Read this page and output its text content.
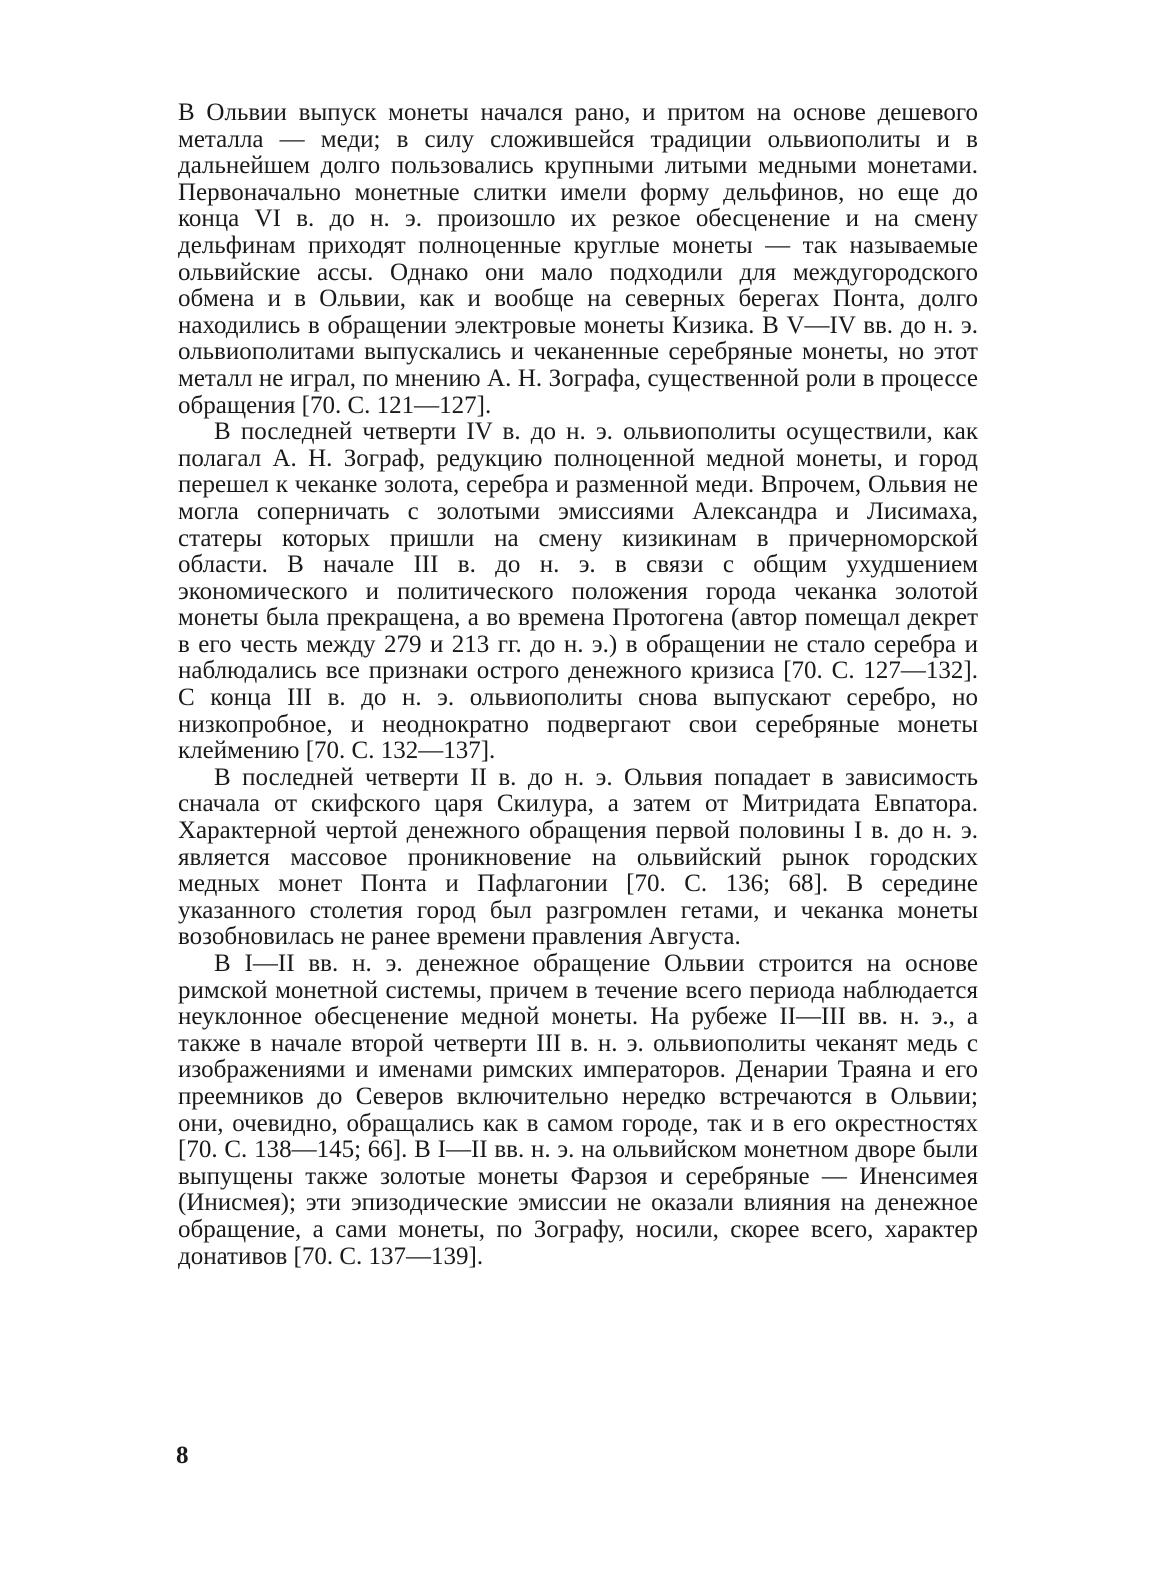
В Ольвии выпуск монеты начался рано, и притом на основе дешевого металла — меди; в силу сложившейся традиции ольвиополиты и в дальнейшем долго пользовались крупными литыми медными монетами. Первоначально монетные слитки имели форму дельфинов, но еще до конца VI в. до н. э. произошло их резкое обесценение и на смену дельфинам приходят полноценные круглые монеты — так называемые ольвийские ассы. Однако они мало подходили для междугородского обмена и в Ольвии, как и вообще на северных берегах Понта, долго находились в обращении электровые монеты Кизика. В V—IV вв. до н. э. ольвиополитами выпускались и чеканенные серебряные монеты, но этот металл не играл, по мнению А. Н. Зографа, существенной роли в процессе обращения [70. С. 121—127].

В последней четверти IV в. до н. э. ольвиополиты осуществили, как полагал А. Н. Зограф, редукцию полноценной медной монеты, и город перешел к чеканке золота, серебра и разменной меди. Впрочем, Ольвия не могла соперничать с золотыми эмиссиями Александра и Лисимаха, статеры которых пришли на смену кизикинам в причерноморской области. В начале III в. до н. э. в связи с общим ухудшением экономического и политического положения города чеканка золотой монеты была прекращена, а во времена Протогена (автор помещал декрет в его честь между 279 и 213 гг. до н. э.) в обращении не стало серебра и наблюдались все признаки острого денежного кризиса [70. С. 127—132]. С конца III в. до н. э. ольвиополиты снова выпускают серебро, но низкопробное, и неоднократно подвергают свои серебряные монеты клеймению [70. С. 132—137].

В последней четверти II в. до н. э. Ольвия попадает в зависимость сначала от скифского царя Скилура, а затем от Митридата Евпатора. Характерной чертой денежного обращения первой половины I в. до н. э. является массовое проникновение на ольвийский рынок городских медных монет Понта и Пафлагонии [70. С. 136; 68]. В середине указанного столетия город был разгромлен гетами, и чеканка монеты возобновилась не ранее времени правления Августа.

В I—II вв. н. э. денежное обращение Ольвии строится на основе римской монетной системы, причем в течение всего периода наблюдается неуклонное обесценение медной монеты. На рубеже II—III вв. н. э., а также в начале второй четверти III в. н. э. ольвиополиты чеканят медь с изображениями и именами римских императоров. Денарии Траяна и его преемников до Северов включительно нередко встречаются в Ольвии; они, очевидно, обращались как в самом городе, так и в его окрестностях [70. С. 138—145; 66]. В I—II вв. н. э. на ольвийском монетном дворе были выпущены также золотые монеты Фарзоя и серебряные — Иненсимея (Инисмея); эти эпизодические эмиссии не оказали влияния на денежное обращение, а сами монеты, по Зографу, носили, скорее всего, характер донативов [70. С. 137—139].

8
